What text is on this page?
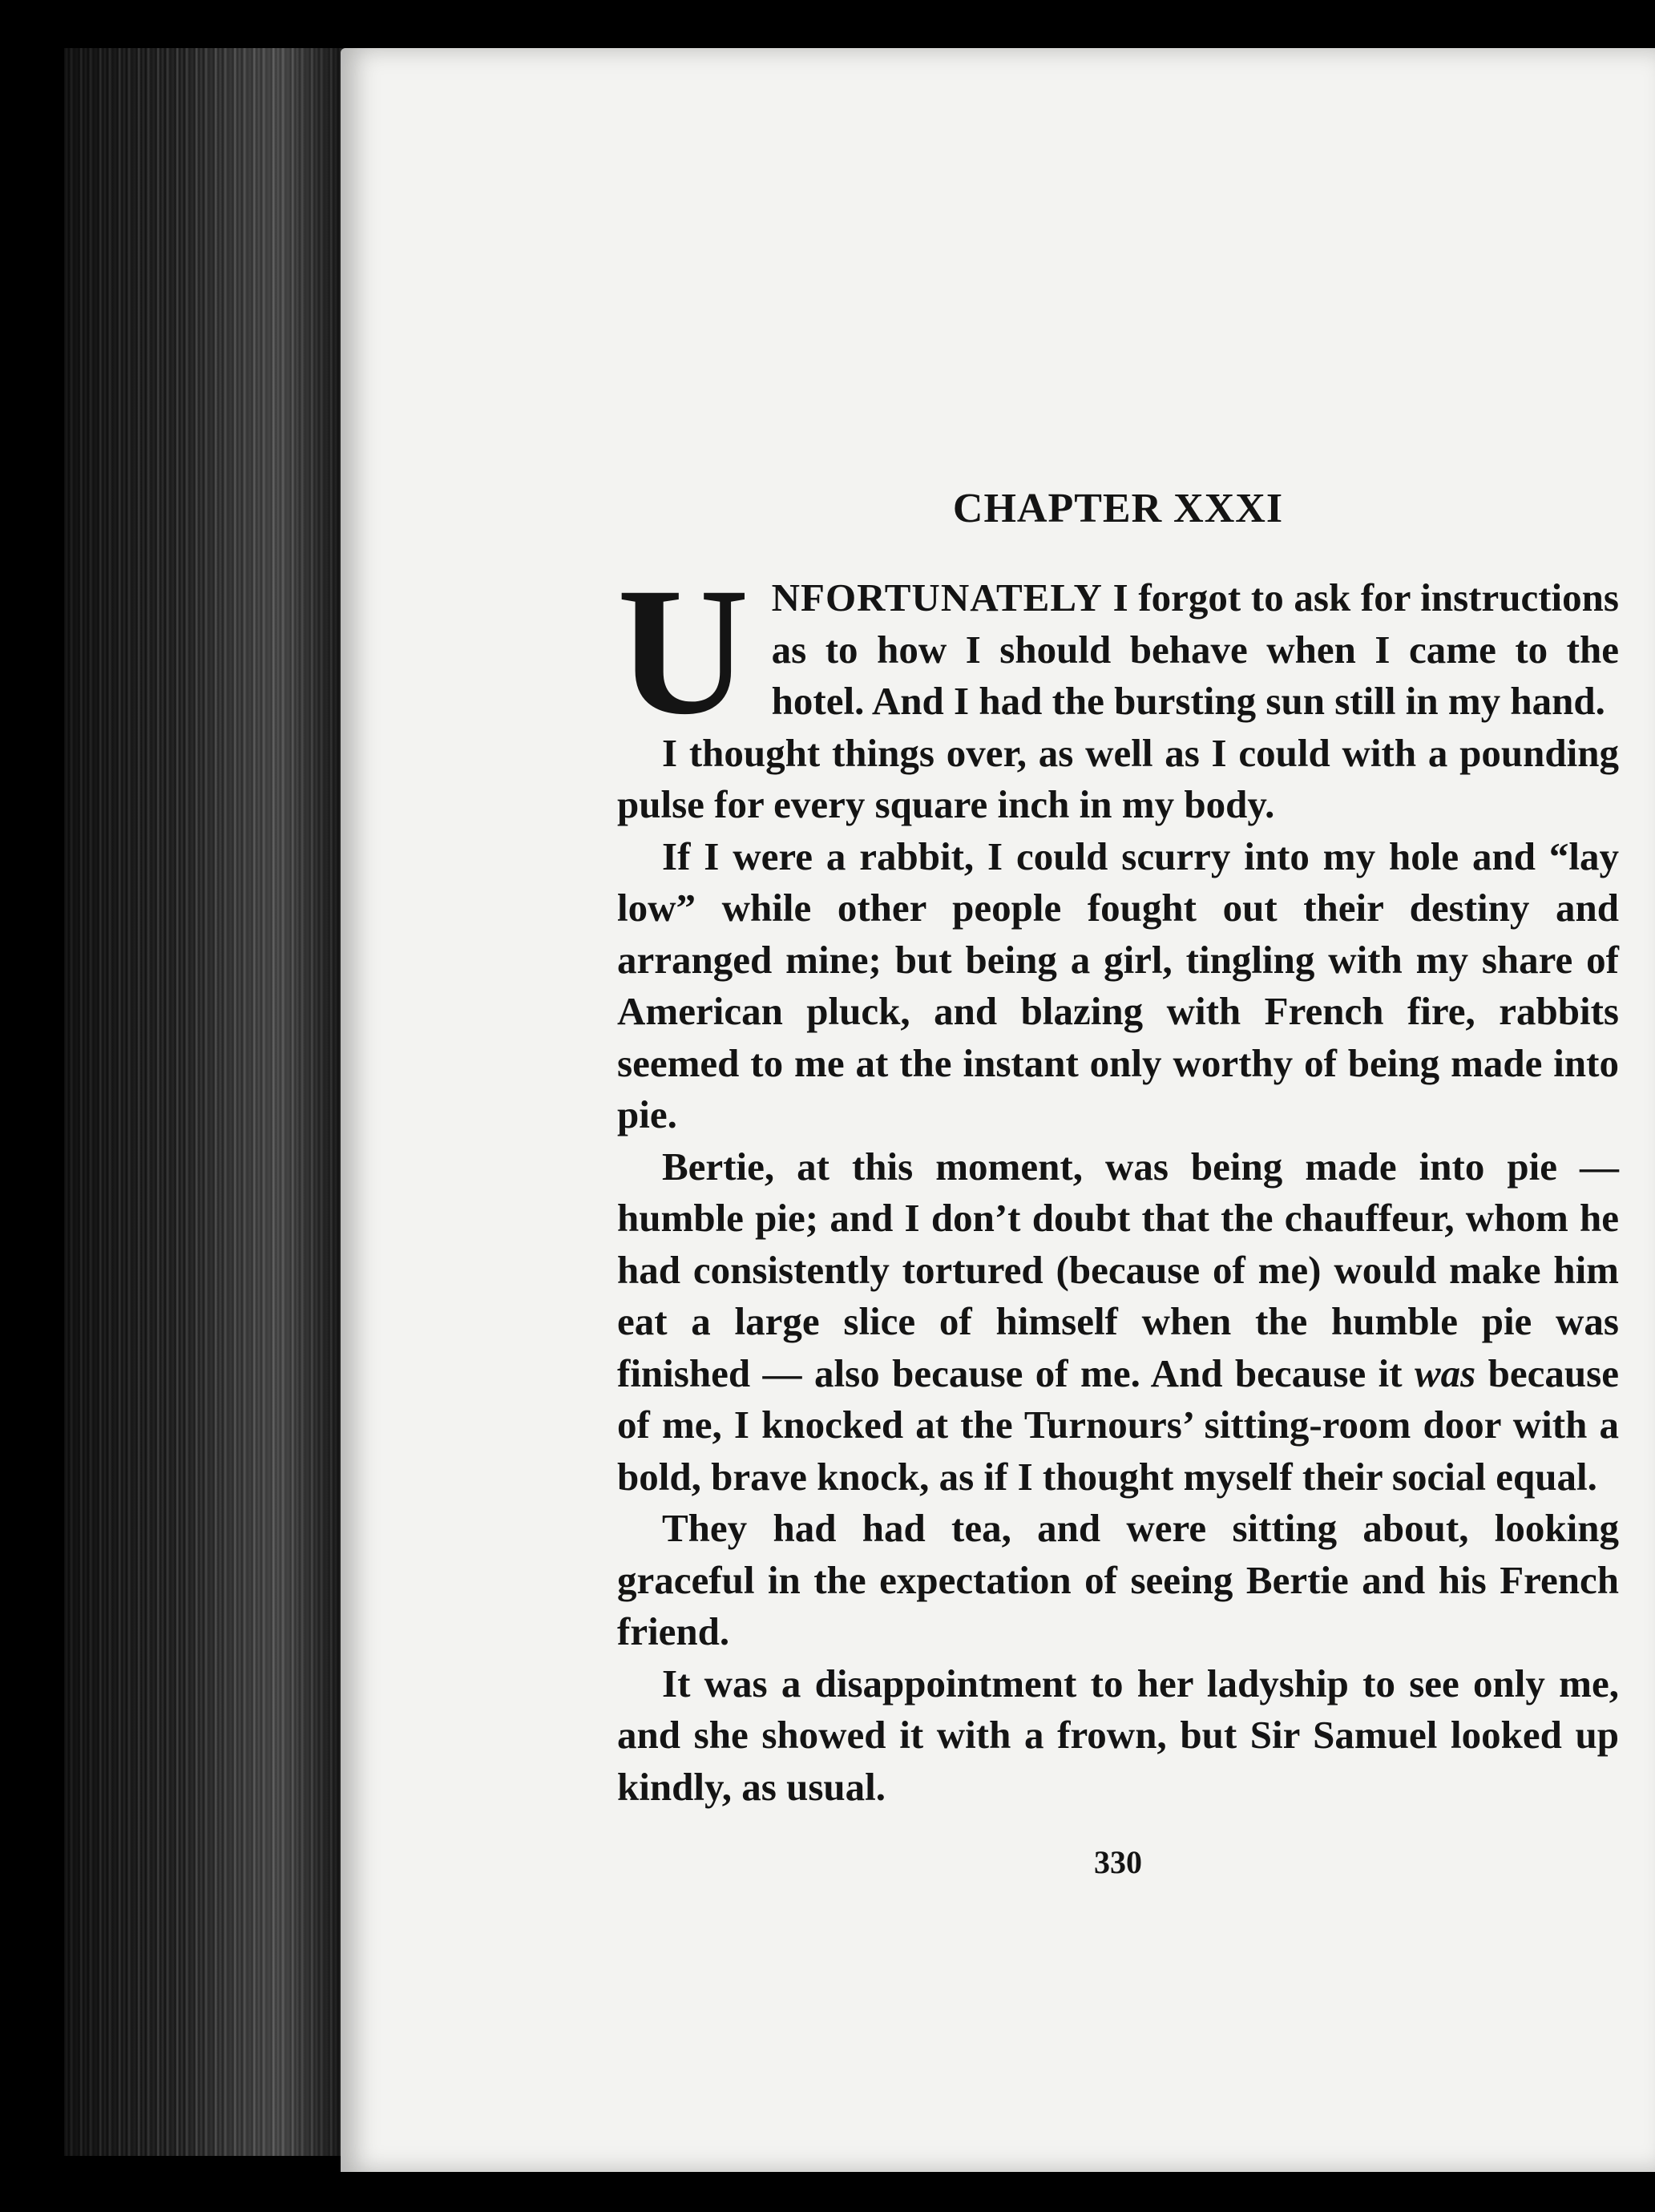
CHAPTER XXXI

UNFORTUNATELY I forgot to ask for instructions as to how I should behave when I came to the hotel. And I had the bursting sun still in my hand.

I thought things over, as well as I could with a pounding pulse for every square inch in my body.

If I were a rabbit, I could scurry into my hole and “lay low” while other people fought out their destiny and arranged mine; but being a girl, tingling with my share of American pluck, and blazing with French fire, rabbits seemed to me at the instant only worthy of being made into pie.

Bertie, at this moment, was being made into pie — humble pie; and I don’t doubt that the chauffeur, whom he had consistently tortured (because of me) would make him eat a large slice of himself when the humble pie was finished — also because of me. And because it was because of me, I knocked at the Turnours’ sitting-room door with a bold, brave knock, as if I thought myself their social equal.

They had had tea, and were sitting about, looking graceful in the expectation of seeing Bertie and his French friend.

It was a disappointment to her ladyship to see only me, and she showed it with a frown, but Sir Samuel looked up kindly, as usual.

330
